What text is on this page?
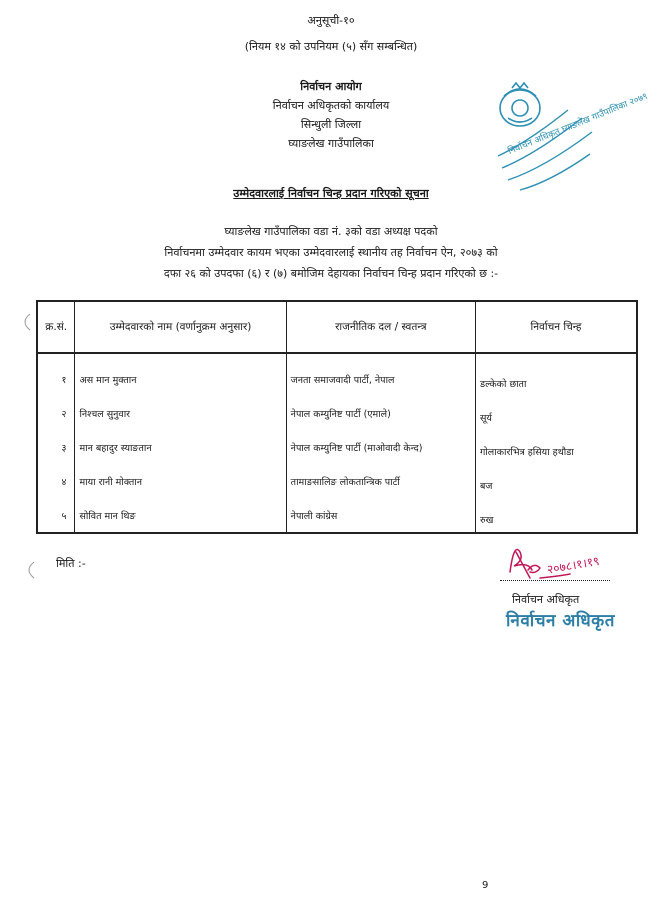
अनुसूची-१०
(नियम १४ को उपनियम (५) सँग सम्बन्धित)
निर्वाचन आयोग
निर्वाचन अधिकृतको कार्यालय
सिन्धुली जिल्ला
घ्याङलेख गाउँपालिका	निर्वाचन अधिकृत घ्याङलेख गाउँपालिका २०७९
उम्मेदवारलाई निर्वाचन चिन्ह प्रदान गरिएको सूचना
घ्याङलेख गाउँपालिका वडा नं. ३को वडा अध्यक्ष पदको
निर्वाचनमा उम्मेदवार कायम भएका उम्मेदवारलाई स्थानीय तह निर्वाचन ऐन, २०७३ को
दफा २६ को उपदफा (६) र (७) बमोजिम देहायका निर्वाचन चिन्ह प्रदान गरिएको छ :-
क्र.सं.	उम्मेदवारको नाम (वर्णानुक्रम अनुसार)	राजनीतिक दल / स्वतन्त्र	निर्वाचन चिन्ह
१	अस मान मुक्तान	जनता समाजवादी पार्टी, नेपाल	डल्केको छाता
२	निश्चल सुनुवार	नेपाल कम्युनिष्ट पार्टी (एमाले)	सूर्य
३	मान बहादुर स्याङतान	नेपाल कम्युनिष्ट पार्टी (माओवादी केन्द)	गोलाकारभित्र हसिया हथौडा
४	माया रानी मोक्तान	तामाङसालिङ लोकतान्त्रिक पार्टी	बज
५	सोवित मान थिङ	नेपाली कांग्रेस	रुख
मिति :-	२०७८।१।१९
निर्वाचन अधिकृत
निर्वाचन अधिकृत
9
